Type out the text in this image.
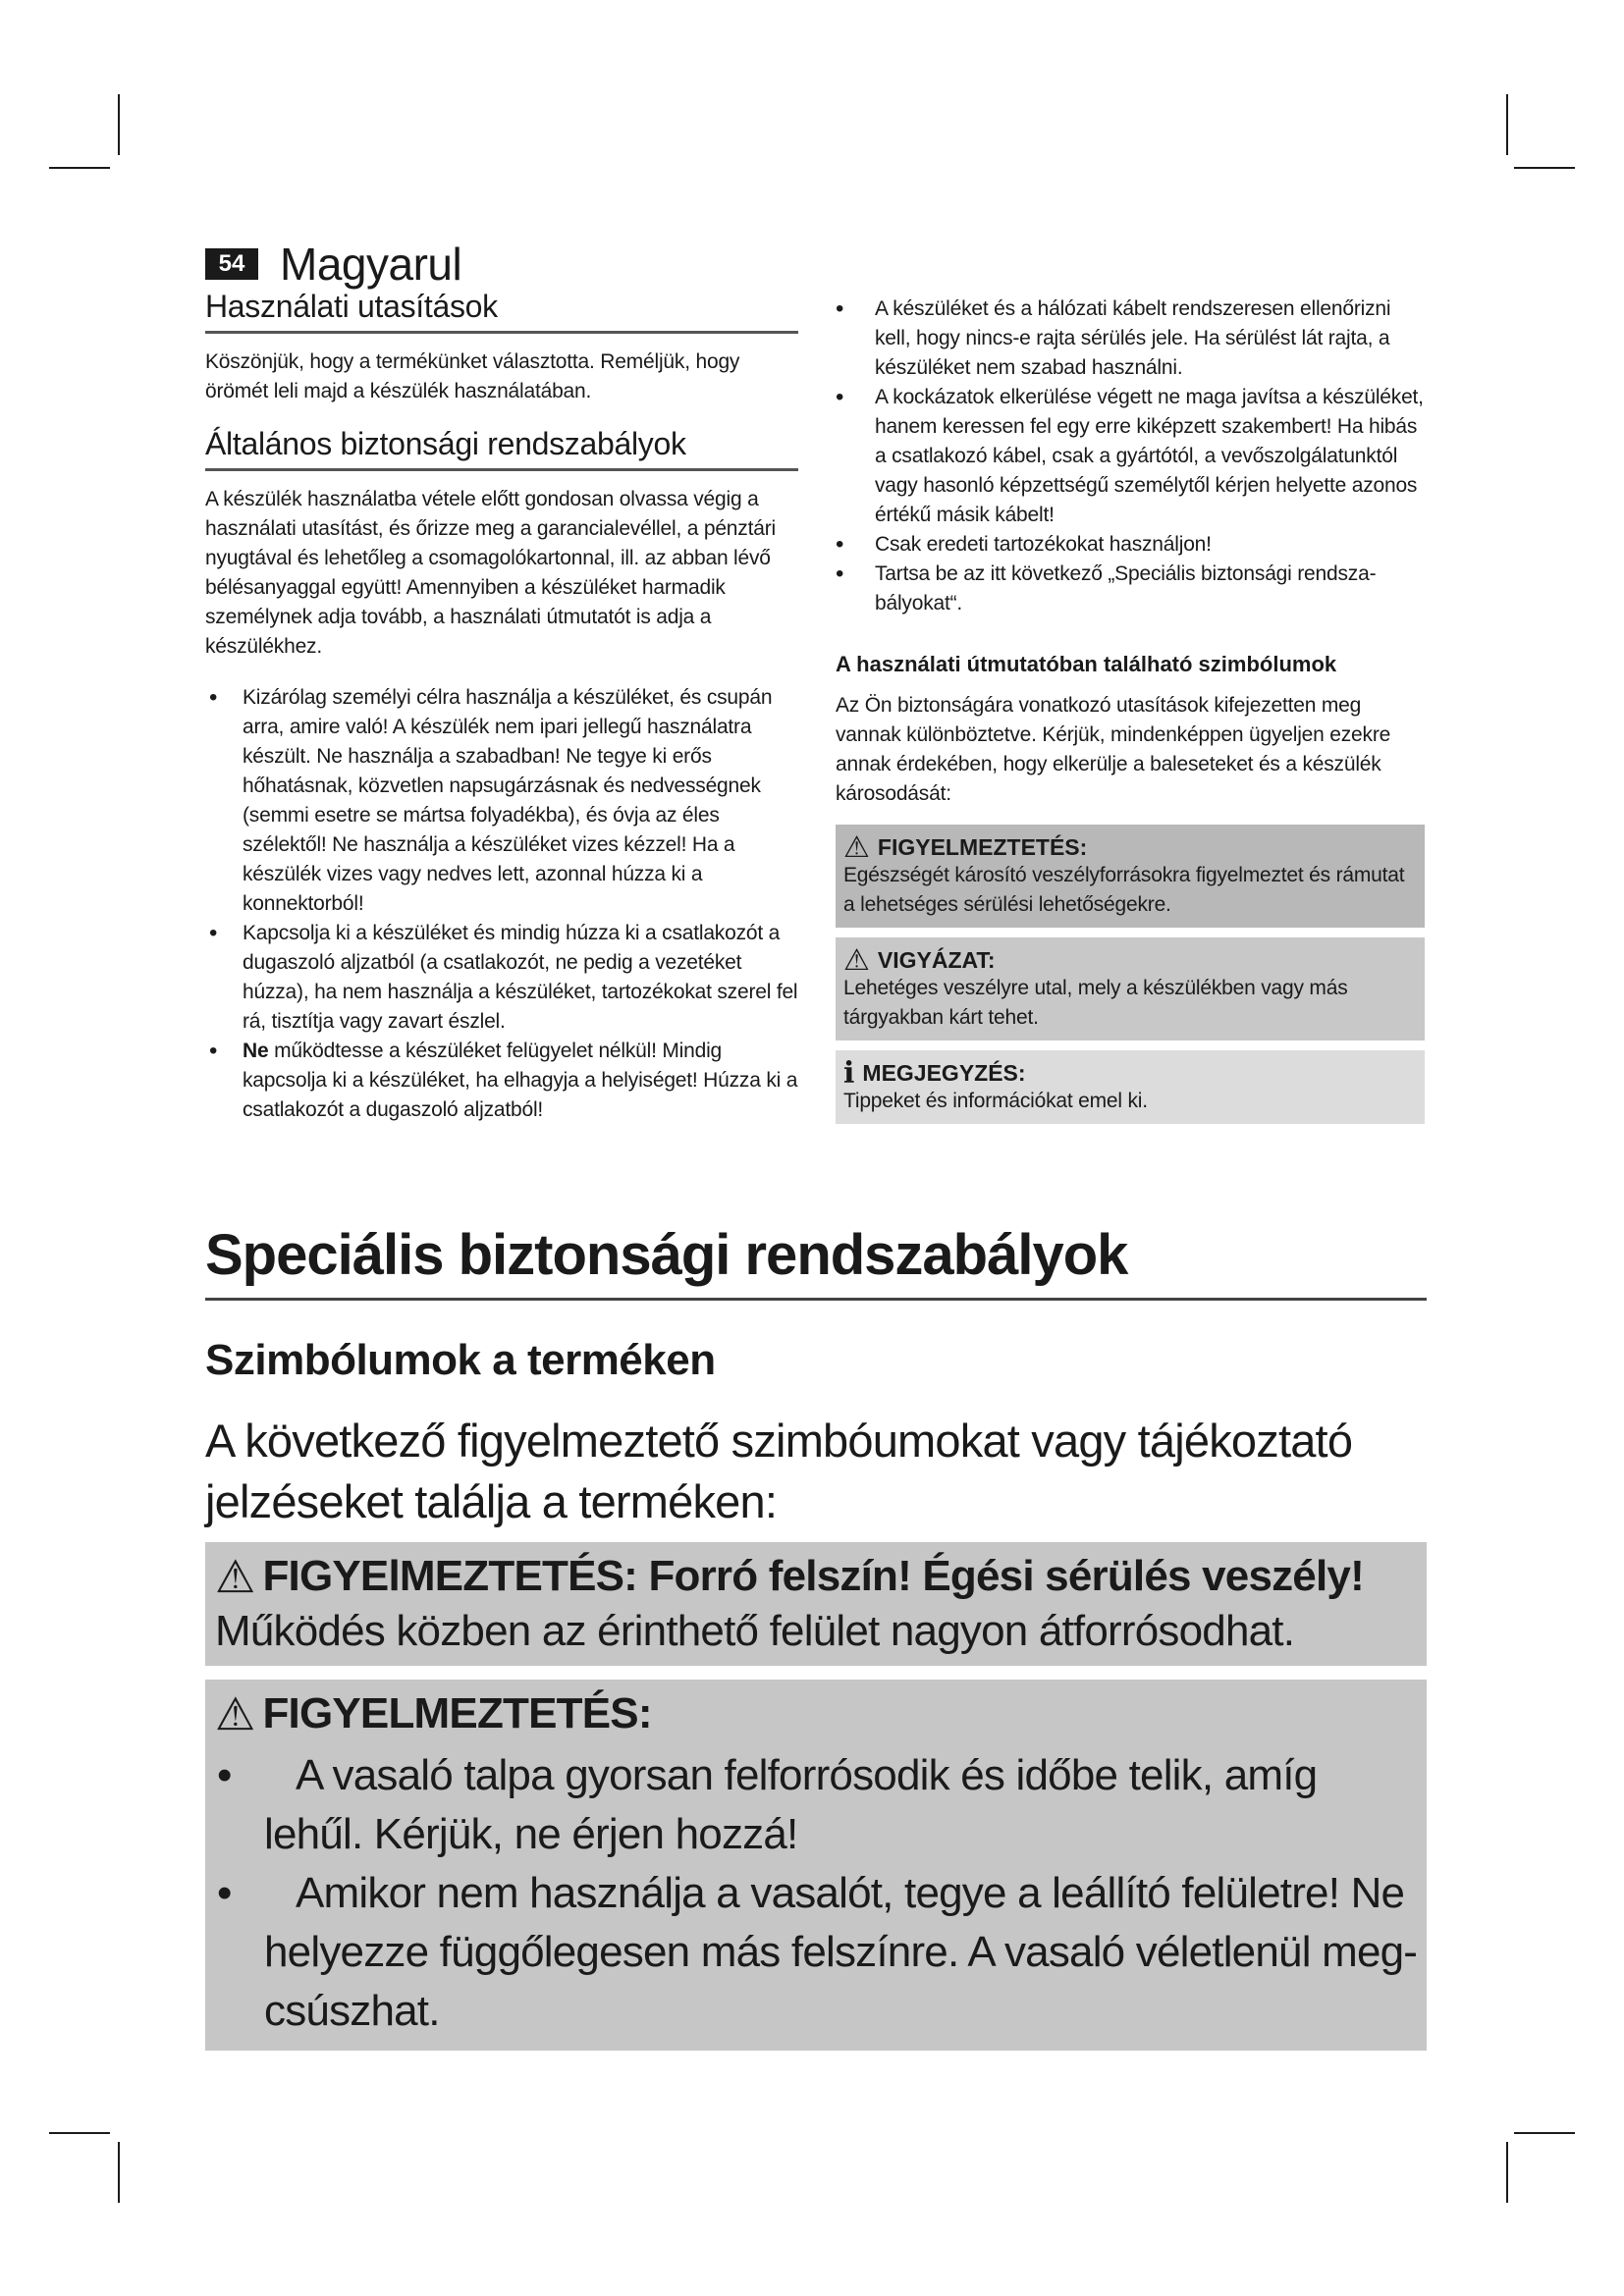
54 Magyarul
Használati utasítások

Köszönjük, hogy a termékünket választotta. Reméljük, hogy örömét leli majd a készülék használatában.

Általános biztonsági rendszabályok

A készülék használatba vétele előtt gondosan olvassa végig a használati utasítást, és őrizze meg a garancialevéllel, a pénztári nyugtával és lehetőleg a csomagolókartonnal, ill. az abban lévő bélésanyaggal együtt! Amennyiben a készüléket harmadik személynek adja tovább, a használati útmutatót is adja a készülékhez.

• Kizárólag személyi célra használja a készüléket, és csupán arra, amire való! A készülék nem ipari jellegű használatra készült. Ne használja a szabadban! Ne tegye ki erős hőhatásnak, közvetlen napsugárzásnak és nedvességnek (semmi esetre se mártsa folyadékba), és óvja az éles szélektől! Ne használja a készüléket vizes kézzel! Ha a készülék vizes vagy nedves lett, azonnal húzza ki a konnektorból!
• Kapcsolja ki a készüléket és mindig húzza ki a csatlakozót a dugaszoló aljzatból (a csatlakozót, ne pedig a vezetéket húzza), ha nem használja a készüléket, tartozékokat szerel fel rá, tisztítja vagy zavart észlel.
• Ne működtesse a készüléket felügyelet nélkül! Mindig kapcsolja ki a készüléket, ha elhagyja a helyiséget! Húzza ki a csatlakozót a dugaszoló aljzatból!
• A készüléket és a hálózati kábelt rendszeresen ellenőrizni kell, hogy nincs-e rajta sérülés jele. Ha sérülést lát rajta, a készüléket nem szabad használni.
• A kockázatok elkerülése végett ne maga javítsa a készüléket, hanem keressen fel egy erre kiképzett szakembert! Ha hibás a csatlakozó kábel, csak a gyártótól, a vevőszolgálatunktól vagy hasonló képzettségű személytől kérjen helyette azonos értékű másik kábelt!
• Csak eredeti tartozékokat használjon!
• Tartsa be az itt következő „Speciális biztonsági rendszabályokat“.

A használati útmutatóban található szimbólumok

Az Ön biztonságára vonatkozó utasítások kifejezetten meg vannak különböztetve. Kérjük, mindenképpen ügyeljen ezekre annak érdekében, hogy elkerülje a baleseteket és a készülék károsodását:

⚠ FIGYELMEZTETÉS:
Egészségét károsító veszélyforrásokra figyelmeztet és rámutat a lehetséges sérülési lehetőségekre.
⚠ VIGYÁZAT:
Lehetéges veszélyre utal, mely a készülékben vagy más tárgyakban kárt tehet.
i MEGJEGYZÉS:
Tippeket és információkat emel ki.
Speciális biztonsági rendszabályok
Szimbólumok a terméken

A következő figyelmeztető szimbóumokat vagy tájékoztató jelzéseket találja a terméken:

⚠ FIGYElMEZTETÉS: Forró felszín! Égési sérülés veszély!
Működés közben az érinthető felület nagyon átforrósodhat.
⚠ FIGYELMEZTETÉS:
• A vasaló talpa gyorsan felforrósodik és időbe telik, amíg lehűl. Kérjük, ne érjen hozzá!
• Amikor nem használja a vasalót, tegye a leállító felületre! Ne helyezze függőlegesen más felszínre. A vasaló véletlenül megcsúszhat.
